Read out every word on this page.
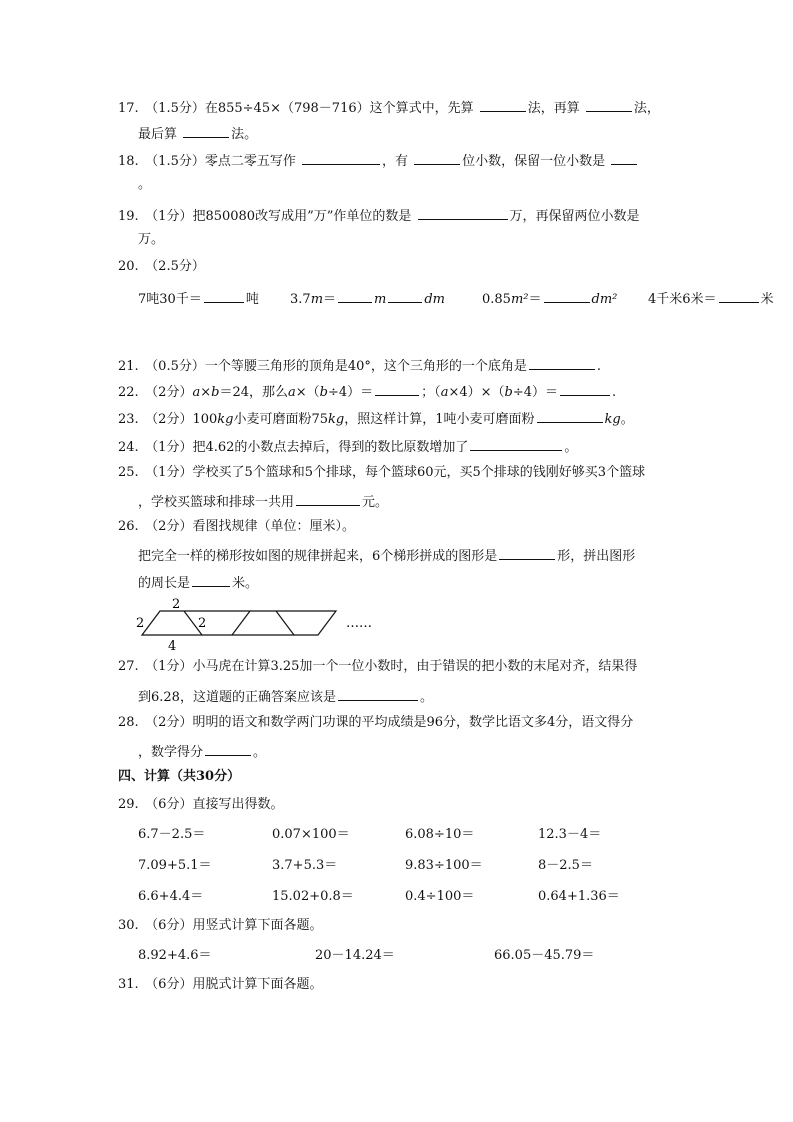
17.　（1.5分）在855÷45×（798－716）这个算式中，先算	法，再算	法，
最后算	法。
18.　（1.5分）零点二零五写作	，有	位小数，保留一位小数是
。
19.　（1分）把850080改写成用”万”作单位的数是	万，再保留两位小数是
万。
20.　（2.5分）
7吨30千＝	吨 3.7m＝	m	dm	0.85m²＝	dm² 4千米6米＝	米
21.　（0.5分）一个等腰三角形的顶角是40°，这个三角形的一个底角是	.
22.　（2分）a×b＝24，那么a×（b÷4）＝	；（a×4）×（b÷4）＝	.
23.　（2分）100kg小麦可磨面粉75kg，照这样计算，1吨小麦可磨面粉	kg。
24.　（1分）把4.62的小数点去掉后，得到的数比原数增加了	。
25.　（1分）学校买了5个篮球和5个排球，每个篮球60元，买5个排球的钱刚好够买3个篮球
，学校买篮球和排球一共用	元。
26.　（2分）看图找规律（单位：厘米）。
把完全一样的梯形按如图的规律拼起来，6个梯形拼成的图形是	形，拼出图形
的周长是	米。
2
2	2
4
……
27.　（1分）小马虎在计算3.25加一个一位小数时，由于错误的把小数的末尾对齐，结果得
到6.28，这道题的正确答案应该是	。
28.　（2分）明明的语文和数学两门功课的平均成绩是96分，数学比语文多4分，语文得分
，数学得分	。
四、计算（共30分）
29.　（6分）直接写出得数。
6.7－2.5＝	0.07×100＝	6.08÷10＝	12.3－4＝
7.09+5.1＝	3.7+5.3＝	9.83÷100＝	8－2.5＝
6.6+4.4＝	15.02+0.8＝	0.4÷100＝	0.64+1.36＝
30.　（6分）用竖式计算下面各题。
8.92+4.6＝	20－14.24＝	66.05－45.79＝
31.　（6分）用脱式计算下面各题。
